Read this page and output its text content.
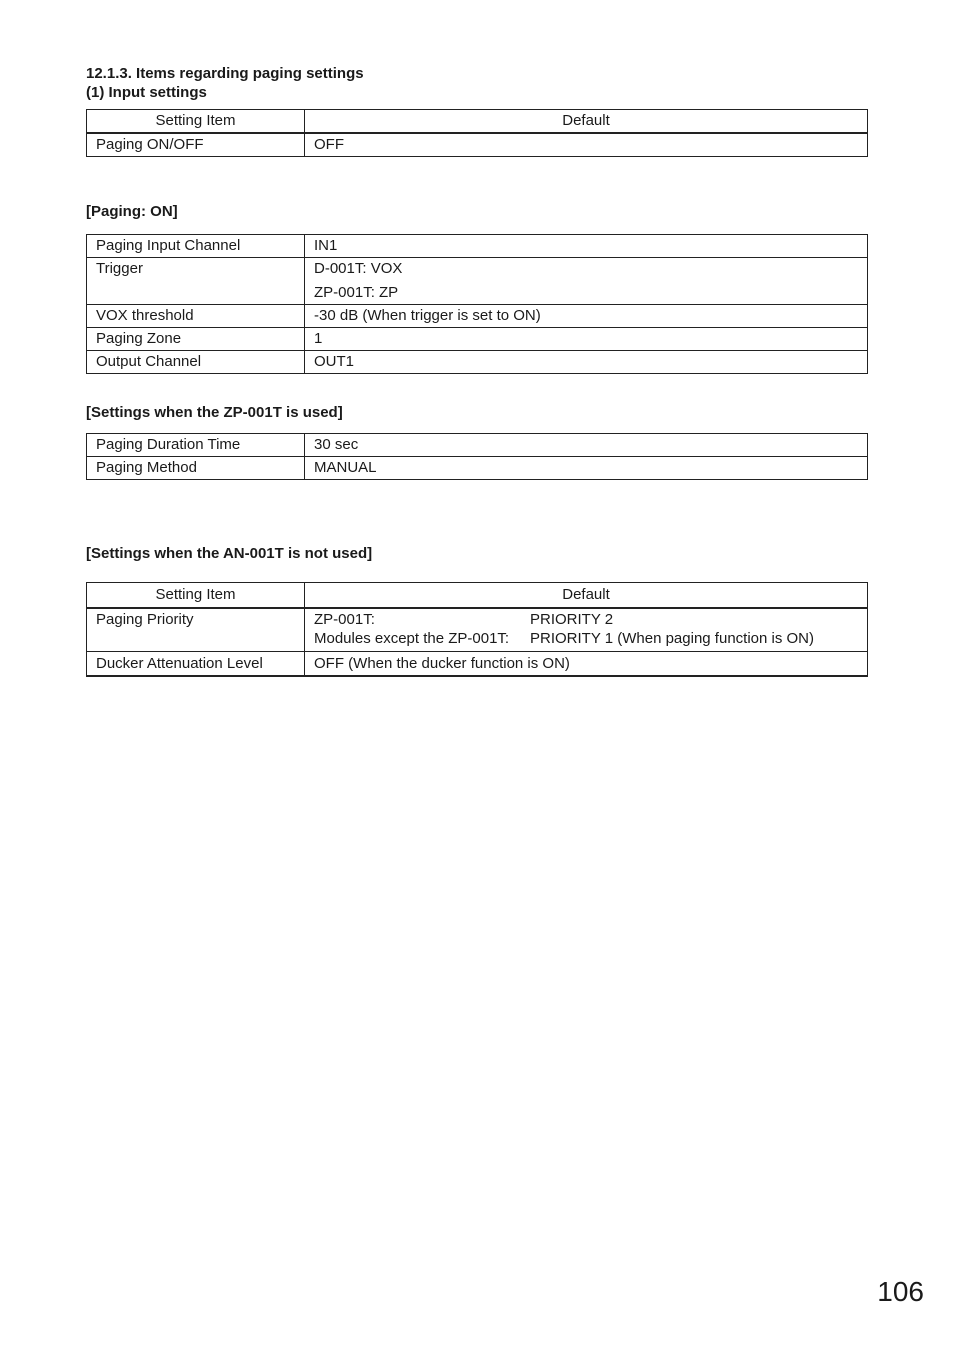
12.1.3. Items regarding paging settings

(1) Input settings

Setting Item	Default
Paging ON/OFF	OFF

[Paging: ON]

Paging Input Channel	IN1
Trigger	D-001T: VOX
ZP-001T: ZP

VOX threshold	-30 dB (When trigger is set to ON)
Paging Zone	1
Output Channel	OUT1

[Settings when the ZP-001T is used]

Paging Duration Time	30 sec
Paging Method	MANUAL

[Settings when the AN-001T is not used]

Setting Item	Default
Paging Priority	ZP-001T: PRIORITY 2
Modules except the ZP-001T: PRIORITY 1 (When paging function is ON)

Ducker Attenuation Level	OFF (When the ducker function is ON)
106
